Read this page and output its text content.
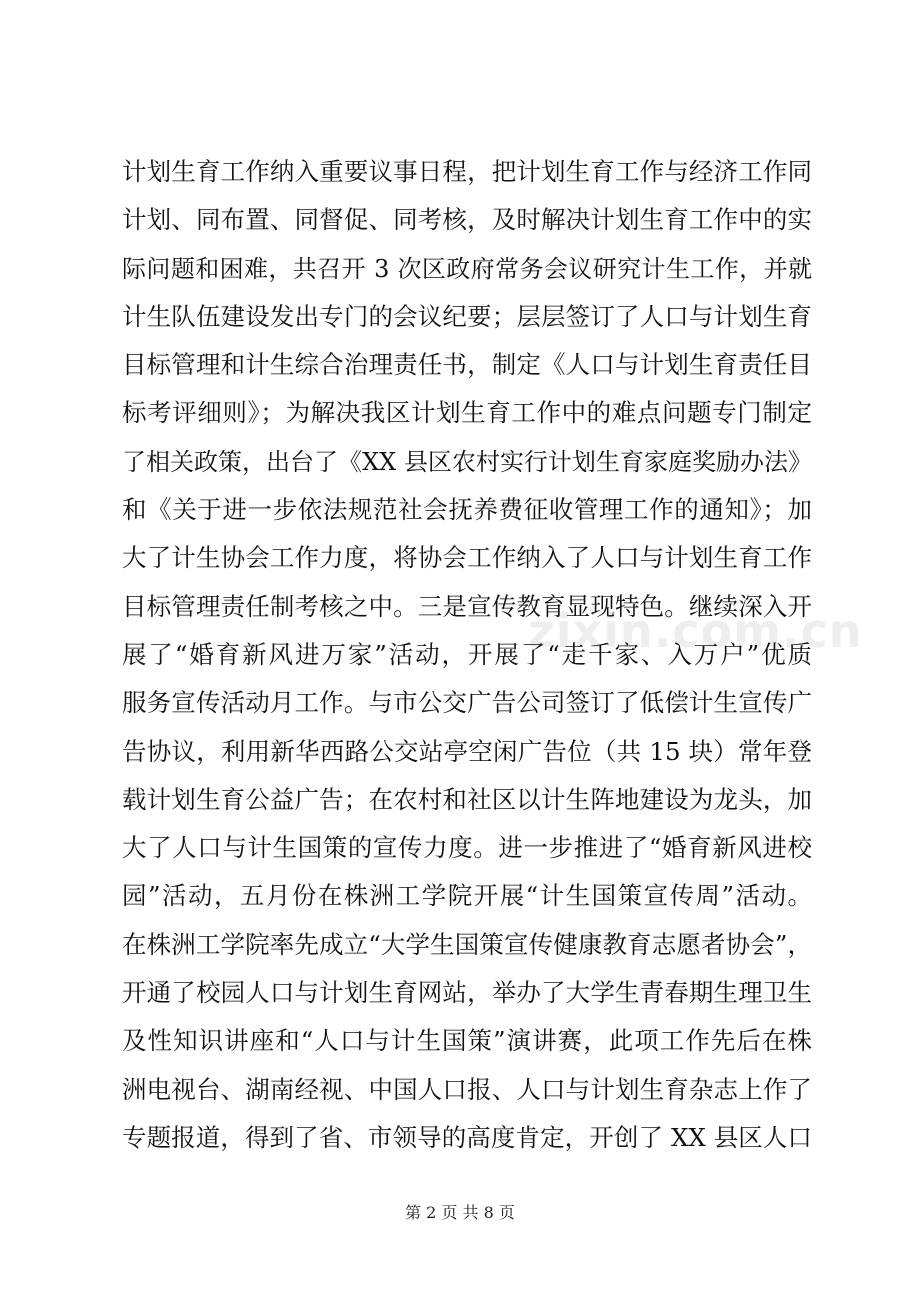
zixin.com.cn
计划生育工作纳入重要议事日程，把计划生育工作与经济工作同
计划、同布置、同督促、同考核，及时解决计划生育工作中的实
际问题和困难，共召开 3 次区政府常务会议研究计生工作，并就
计生队伍建设发出专门的会议纪要；层层签订了人口与计划生育
目标管理和计生综合治理责任书，制定《人口与计划生育责任目
标考评细则》；为解决我区计划生育工作中的难点问题专门制定
了相关政策，出台了《XX 县区农村实行计划生育家庭奖励办法》
和《关于进一步依法规范社会抚养费征收管理工作的通知》；加
大了计生协会工作力度，将协会工作纳入了人口与计划生育工作
目标管理责任制考核之中。三是宣传教育显现特色。继续深入开
展了“婚育新风进万家”活动，开展了“走千家、入万户”优质
服务宣传活动月工作。与市公交广告公司签订了低偿计生宣传广
告协议，利用新华西路公交站亭空闲广告位（共 15 块）常年登
载计划生育公益广告；在农村和社区以计生阵地建设为龙头，加
大了人口与计生国策的宣传力度。进一步推进了“婚育新风进校
园”活动，五月份在株洲工学院开展“计生国策宣传周”活动。
在株洲工学院率先成立“大学生国策宣传健康教育志愿者协会”，
开通了校园人口与计划生育网站，举办了大学生青春期生理卫生
及性知识讲座和“人口与计生国策”演讲赛，此项工作先后在株
洲电视台、湖南经视、中国人口报、人口与计划生育杂志上作了
专题报道，得到了省、市领导的高度肯定，开创了 XX 县区人口
第 2 页 共 8 页
